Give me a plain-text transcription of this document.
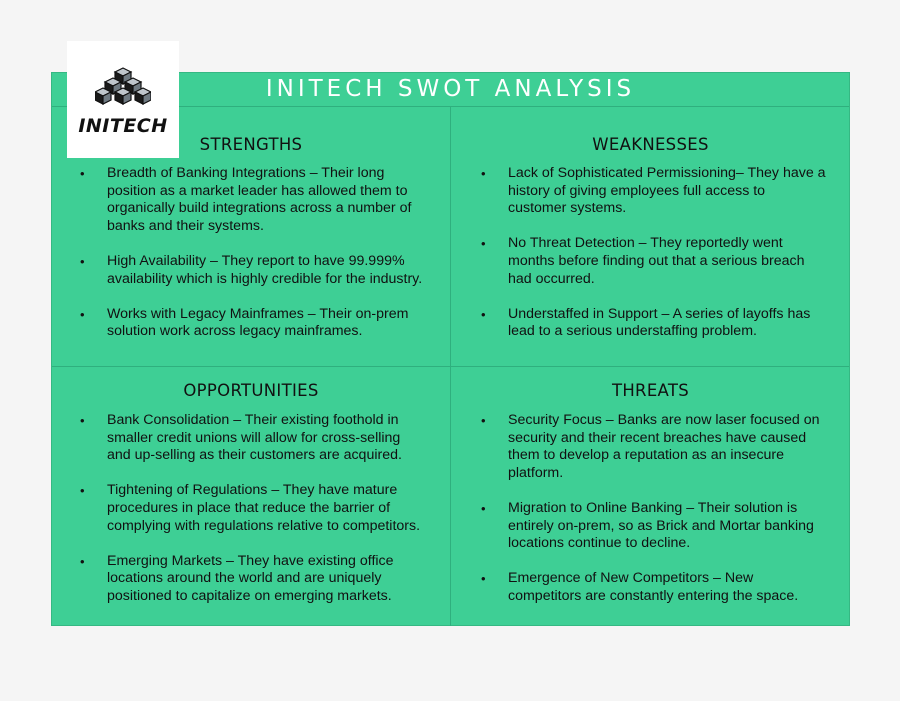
INITECH SWOT ANALYSIS
STRENGTHS
• Breadth of Banking Integrations – Their long position as a market leader has allowed them to organically build integrations across a number of banks and their systems.
• High Availability – They report to have 99.999% availability which is highly credible for the industry.
• Works with Legacy Mainframes – Their on-prem solution work across legacy mainframes.
WEAKNESSES
• Lack of Sophisticated Permissioning– They have a history of giving employees full access to customer systems.
• No Threat Detection – They reportedly went months before finding out that a serious breach had occurred.
• Understaffed in Support – A series of layoffs has lead to a serious understaffing problem.
OPPORTUNITIES
• Bank Consolidation – Their existing foothold in smaller credit unions will allow for cross-selling and up-selling as their customers are acquired.
• Tightening of Regulations – They have mature procedures in place that reduce the barrier of complying with regulations relative to competitors.
• Emerging Markets – They have existing office locations around the world and are uniquely positioned to capitalize on emerging markets.
THREATS
• Security Focus – Banks are now laser focused on security and their recent breaches have caused them to develop a reputation as an insecure platform.
• Migration to Online Banking – Their solution is entirely on-prem, so as Brick and Mortar banking locations continue to decline.
• Emergence of New Competitors – New competitors are constantly entering the space.
INITECH
